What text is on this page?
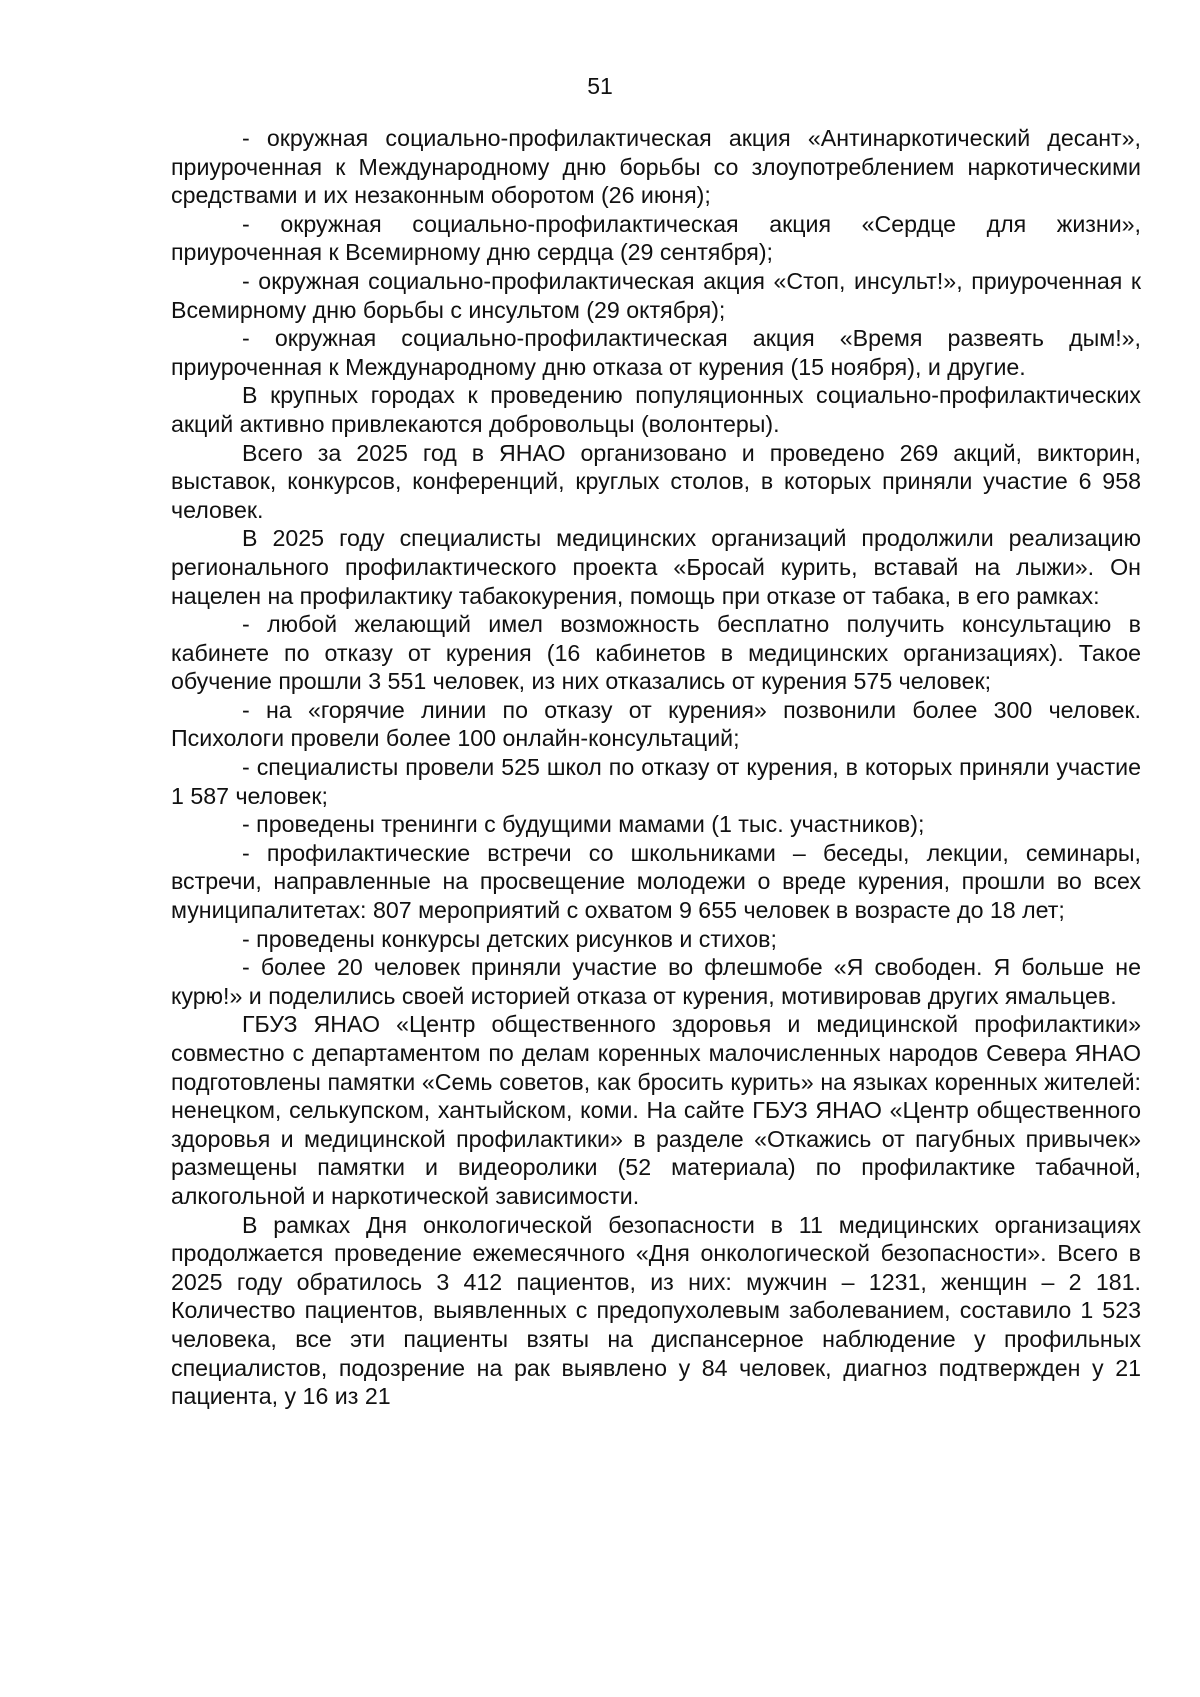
51

- окружная социально-профилактическая акция «Антинаркотический десант», приуроченная к Международному дню борьбы со злоупотреблением наркотическими средствами и их незаконным оборотом (26 июня);

- окружная социально-профилактическая акция «Сердце для жизни», приуроченная к Всемирному дню сердца (29 сентября);

- окружная социально-профилактическая акция «Стоп, инсульт!», приуроченная к Всемирному дню борьбы с инсультом (29 октября);

- окружная социально-профилактическая акция «Время развеять дым!», приуроченная к Международному дню отказа от курения (15 ноября), и другие.

В крупных городах к проведению популяционных социально-профилактических акций активно привлекаются добровольцы (волонтеры).

Всего за 2025 год в ЯНАО организовано и проведено 269 акций, викторин, выставок, конкурсов, конференций, круглых столов, в которых приняли участие 6 958 человек.

В 2025 году специалисты медицинских организаций продолжили реализацию регионального профилактического проекта «Бросай курить, вставай на лыжи». Он нацелен на профилактику табакокурения, помощь при отказе от табака, в его рамках:

- любой желающий имел возможность бесплатно получить консультацию в кабинете по отказу от курения (16 кабинетов в медицинских организациях). Такое обучение прошли 3 551 человек, из них отказались от курения 575 человек;

- на «горячие линии по отказу от курения» позвонили более 300 человек. Психологи провели более 100 онлайн-консультаций;

- специалисты провели 525 школ по отказу от курения, в которых приняли участие 1 587 человек;

- проведены тренинги с будущими мамами (1 тыс. участников);

- профилактические встречи со школьниками – беседы, лекции, семинары, встречи, направленные на просвещение молодежи о вреде курения, прошли во всех муниципалитетах: 807 мероприятий с охватом 9 655 человек в возрасте до 18 лет;

- проведены конкурсы детских рисунков и стихов;

- более 20 человек приняли участие во флешмобе «Я свободен. Я больше не курю!» и поделились своей историей отказа от курения, мотивировав других ямальцев.

ГБУЗ ЯНАО «Центр общественного здоровья и медицинской профилактики» совместно с департаментом по делам коренных малочисленных народов Севера ЯНАО подготовлены памятки «Семь советов, как бросить курить» на языках коренных жителей: ненецком, селькупском, хантыйском, коми. На сайте ГБУЗ ЯНАО «Центр общественного здоровья и медицинской профилактики» в разделе «Откажись от пагубных привычек» размещены памятки и видеоролики (52 материала) по профилактике табачной, алкогольной и наркотической зависимости.

В рамках Дня онкологической безопасности в 11 медицинских организациях продолжается проведение ежемесячного «Дня онкологической безопасности». Всего в 2025 году обратилось 3 412 пациентов, из них: мужчин – 1231, женщин – 2 181. Количество пациентов, выявленных с предопухолевым заболеванием, составило 1 523 человека, все эти пациенты взяты на диспансерное наблюдение у профильных специалистов, подозрение на рак выявлено у 84 человек, диагноз подтвержден у 21 пациента, у 16 из 21
